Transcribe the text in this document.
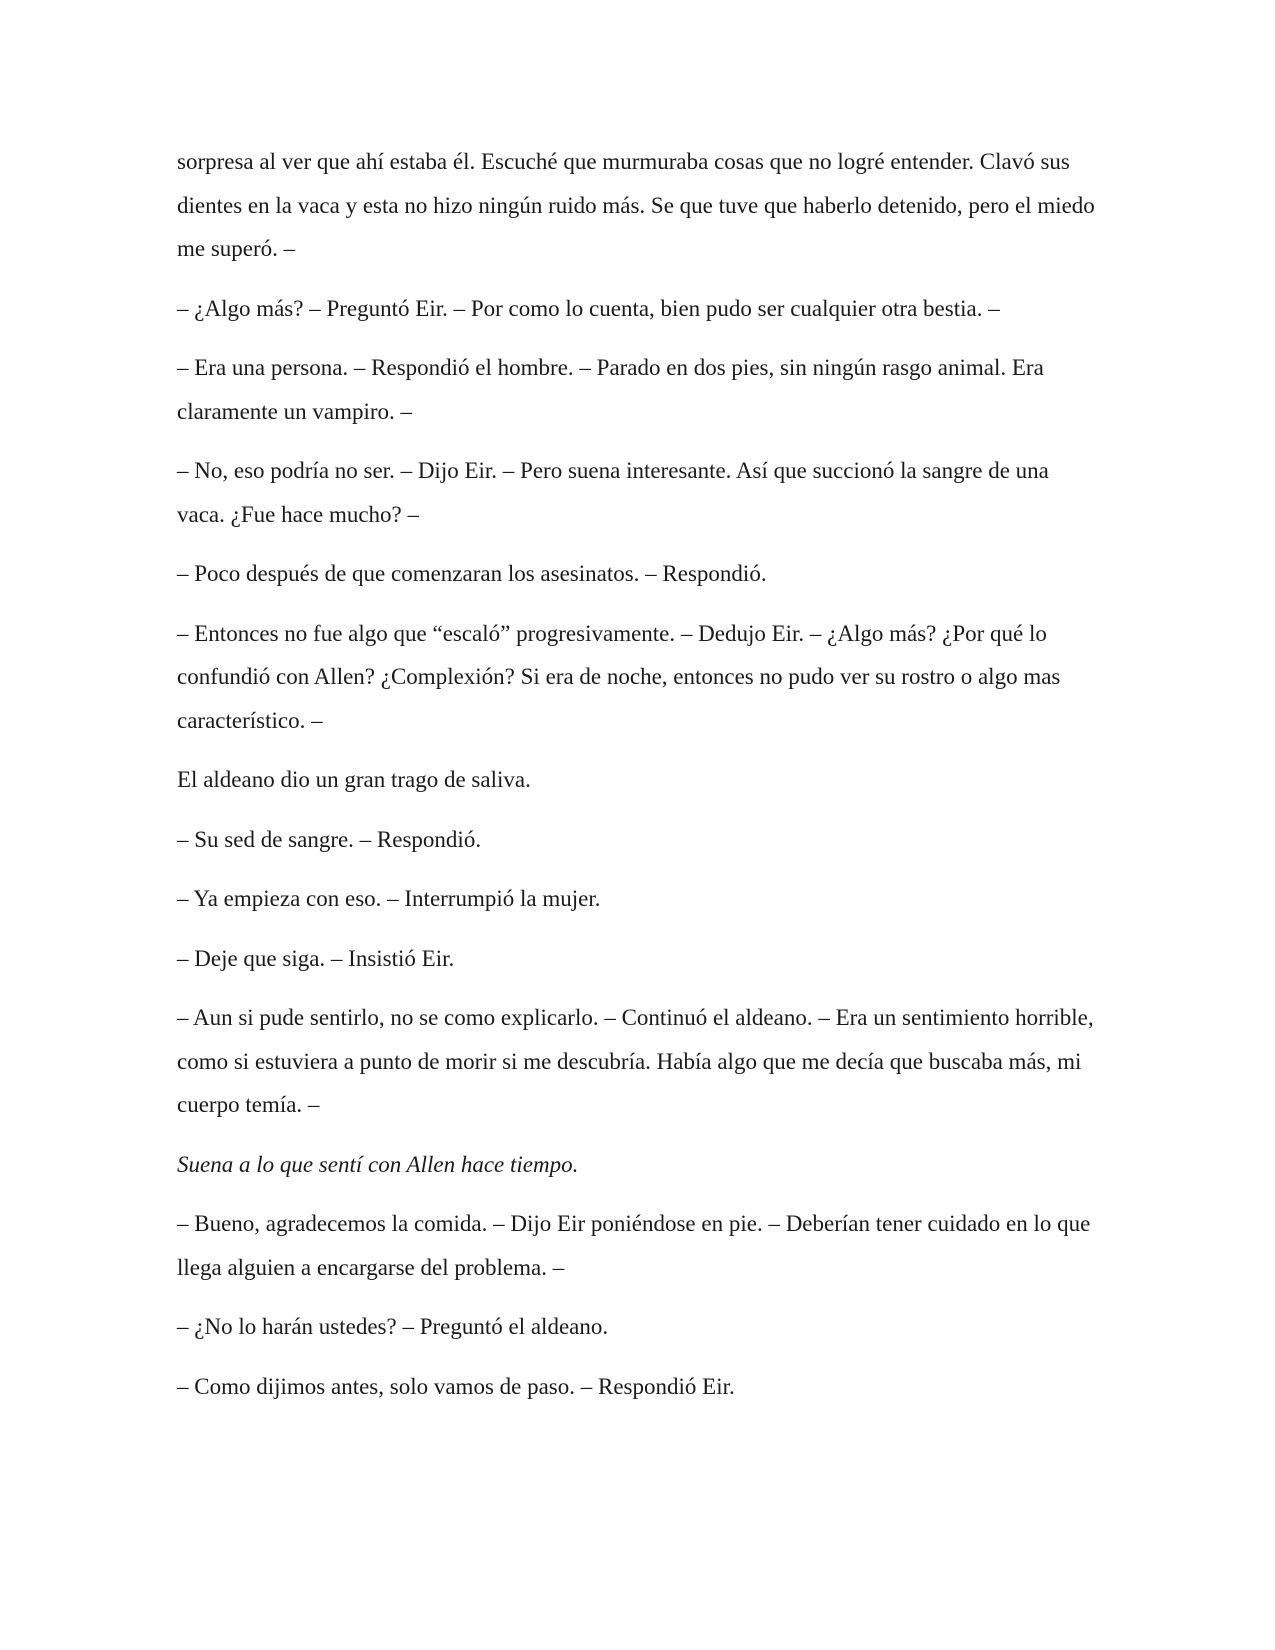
sorpresa al ver que ahí estaba él. Escuché que murmuraba cosas que no logré entender. Clavó sus dientes en la vaca y esta no hizo ningún ruido más. Se que tuve que haberlo detenido, pero el miedo me superó. –

– ¿Algo más? – Preguntó Eir. – Por como lo cuenta, bien pudo ser cualquier otra bestia. –

– Era una persona. – Respondió el hombre. – Parado en dos pies, sin ningún rasgo animal. Era claramente un vampiro. –

– No, eso podría no ser. – Dijo Eir. – Pero suena interesante. Así que succionó la sangre de una vaca. ¿Fue hace mucho? –

– Poco después de que comenzaran los asesinatos. – Respondió.

– Entonces no fue algo que “escaló” progresivamente. – Dedujo Eir. – ¿Algo más? ¿Por qué lo confundió con Allen? ¿Complexión? Si era de noche, entonces no pudo ver su rostro o algo mas característico. –

El aldeano dio un gran trago de saliva.

– Su sed de sangre. – Respondió.

– Ya empieza con eso. – Interrumpió la mujer.

– Deje que siga. – Insistió Eir.

– Aun si pude sentirlo, no se como explicarlo. – Continuó el aldeano. – Era un sentimiento horrible, como si estuviera a punto de morir si me descubría. Había algo que me decía que buscaba más, mi cuerpo temía. –

Suena a lo que sentí con Allen hace tiempo.

– Bueno, agradecemos la comida. – Dijo Eir poniéndose en pie. – Deberían tener cuidado en lo que llega alguien a encargarse del problema. –

– ¿No lo harán ustedes? – Preguntó el aldeano.

– Como dijimos antes, solo vamos de paso. – Respondió Eir.
